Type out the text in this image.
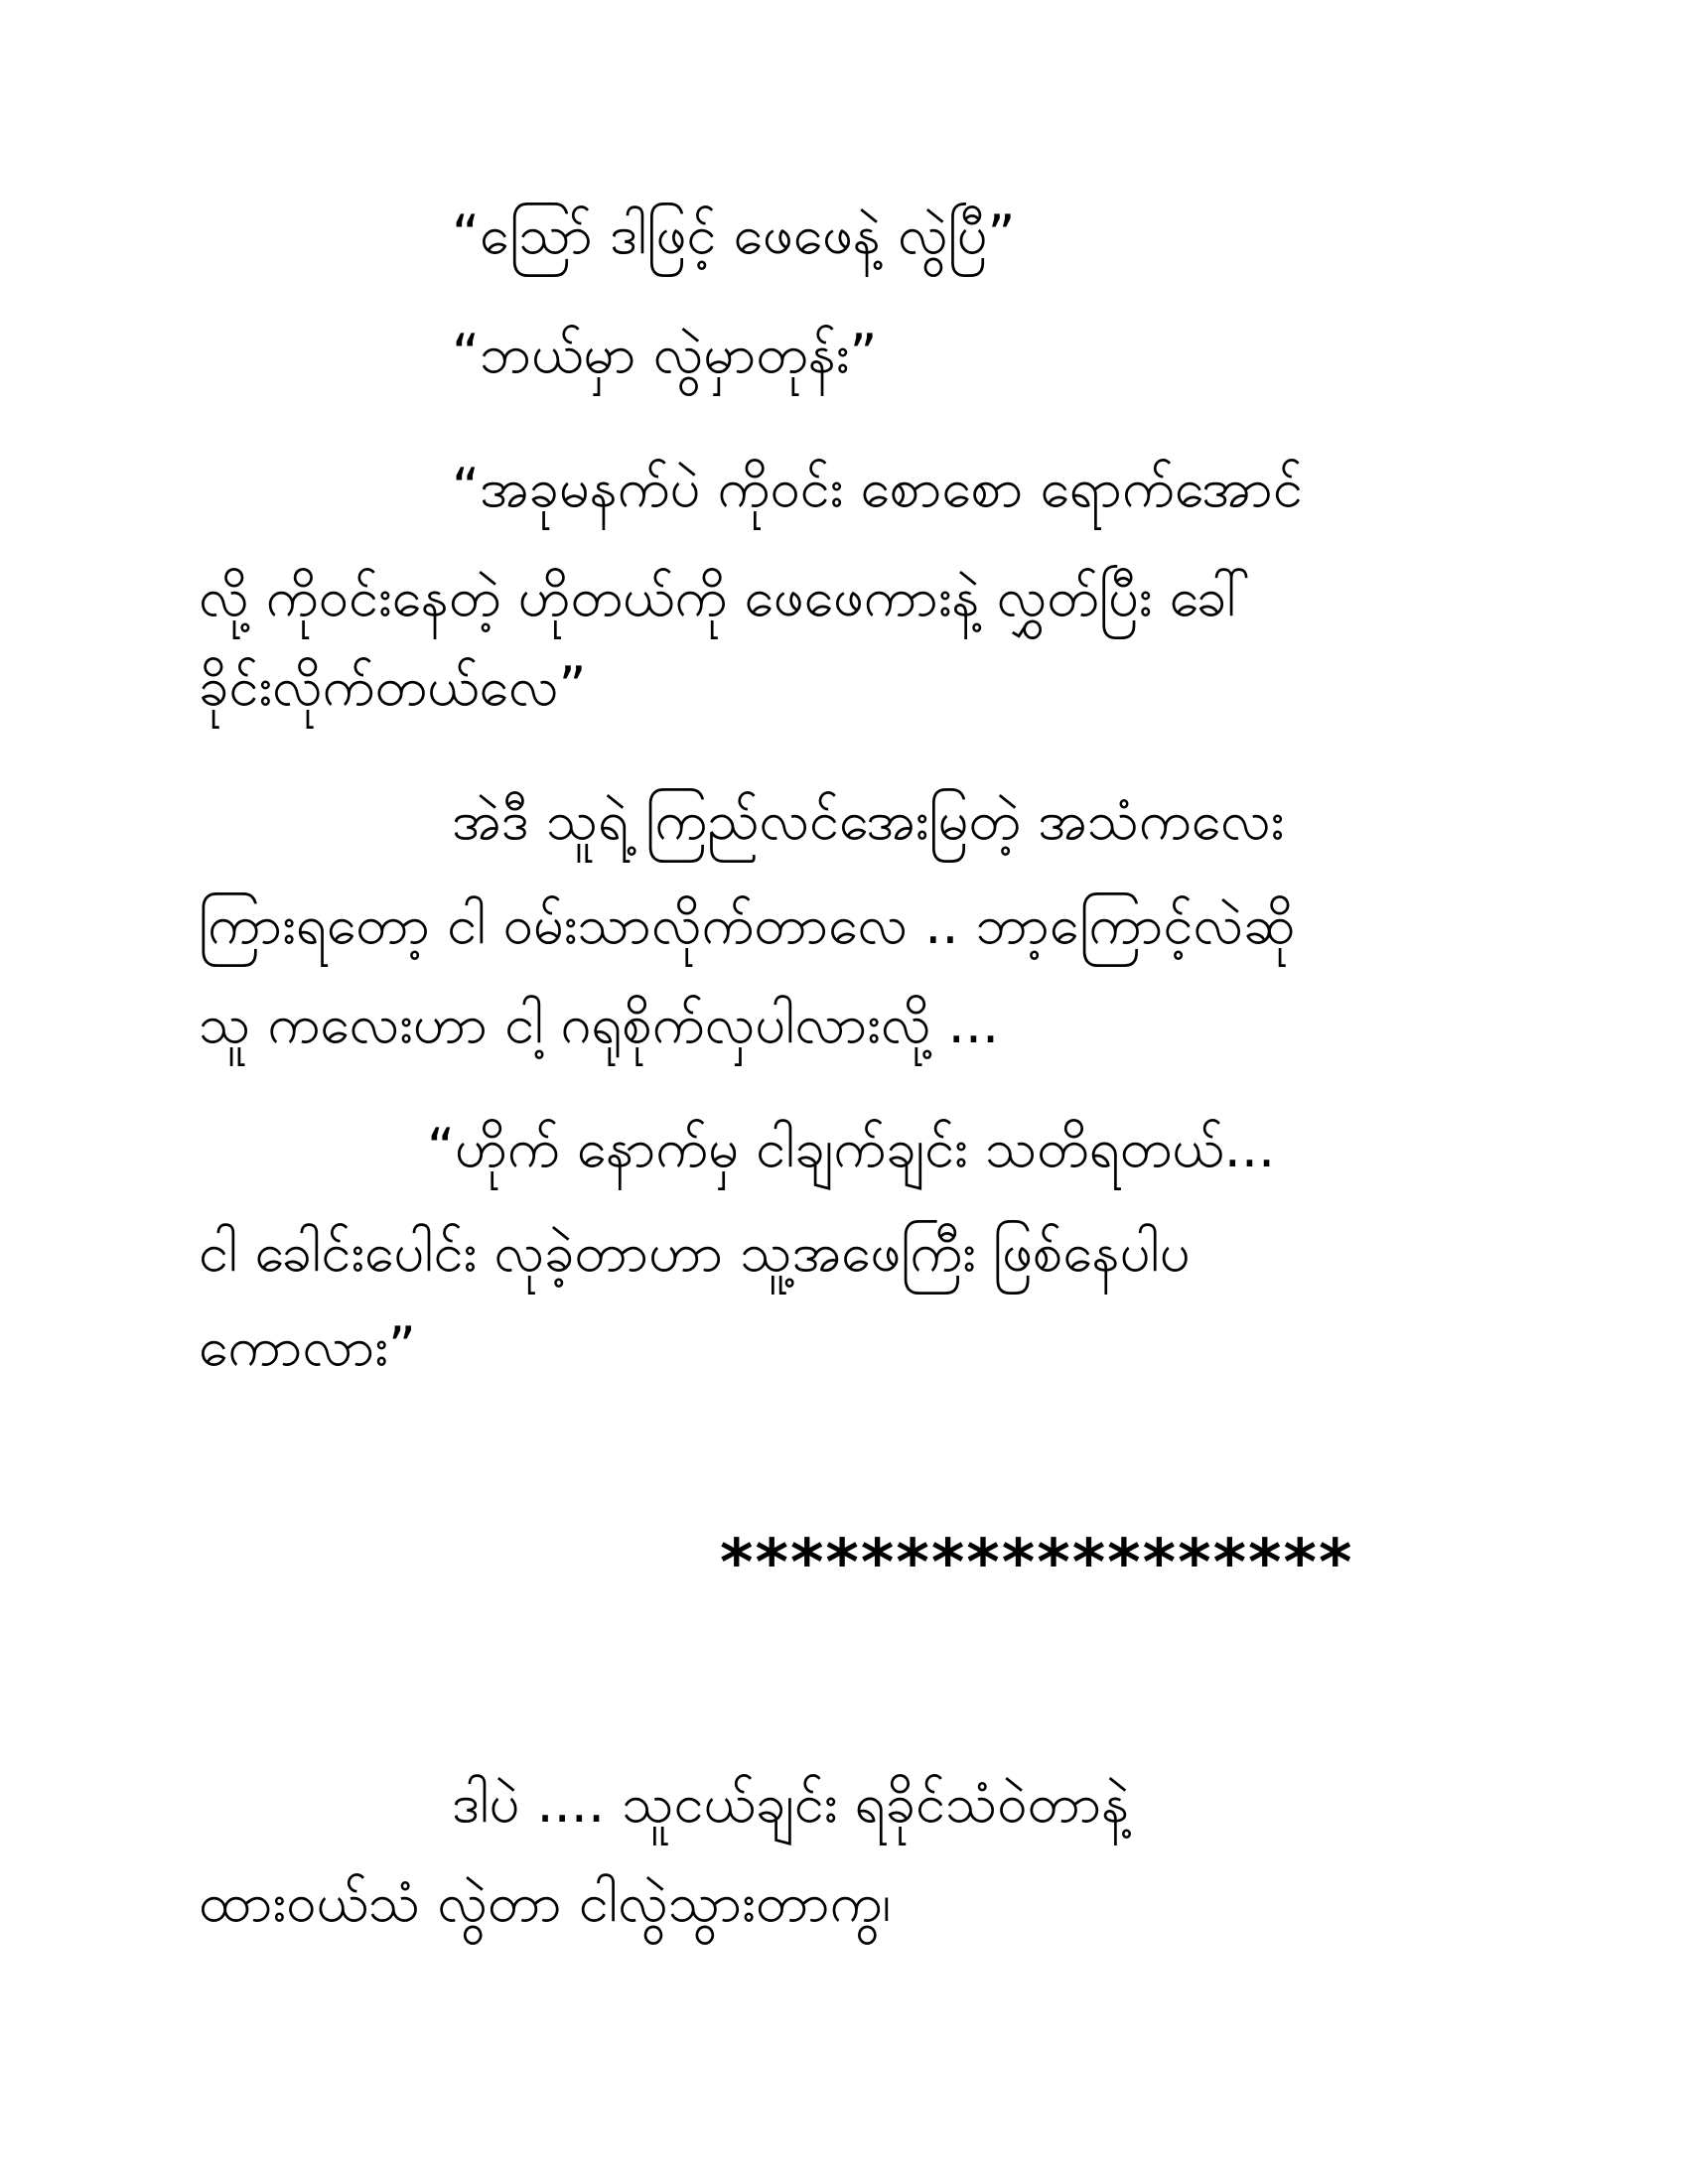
“သြော် ဒါဖြင့် ဖေဖေနဲ့ လွဲပြီ”
“ဘယ်မှာ လွဲမှာတုန်း”
“အခုမနက်ပဲ ကိုဝင်း စောစော ရောက်အောင်
လို့ ကိုဝင်းနေတဲ့ ဟိုတယ်ကို ဖေဖေကားနဲ့ လွှတ်ပြီး ခေါ်
ခိုင်းလိုက်တယ်လေ”
အဲဒီ သူရဲ့ ကြည်လင်အေးမြတဲ့ အသံကလေး
ကြားရတော့ ငါ ဝမ်းသာလိုက်တာလေ .. ဘာ့ကြောင့်လဲဆို
သူ ကလေးဟာ ငါ့ ဂရုစိုက်လှပါလားလို့ ...
“ဟိုက် နောက်မှ ငါချက်ချင်း သတိရတယ်...
ငါ ခေါင်းပေါင်း လုခဲ့တာဟာ သူ့အဖေကြီး ဖြစ်နေပါပ
ကောလား”
******************
ဒါပဲ .... သူငယ်ချင်း ရခိုင်သံဝဲတာနဲ့
ထားဝယ်သံ လွဲတာ ငါလွဲသွားတာကွ၊
